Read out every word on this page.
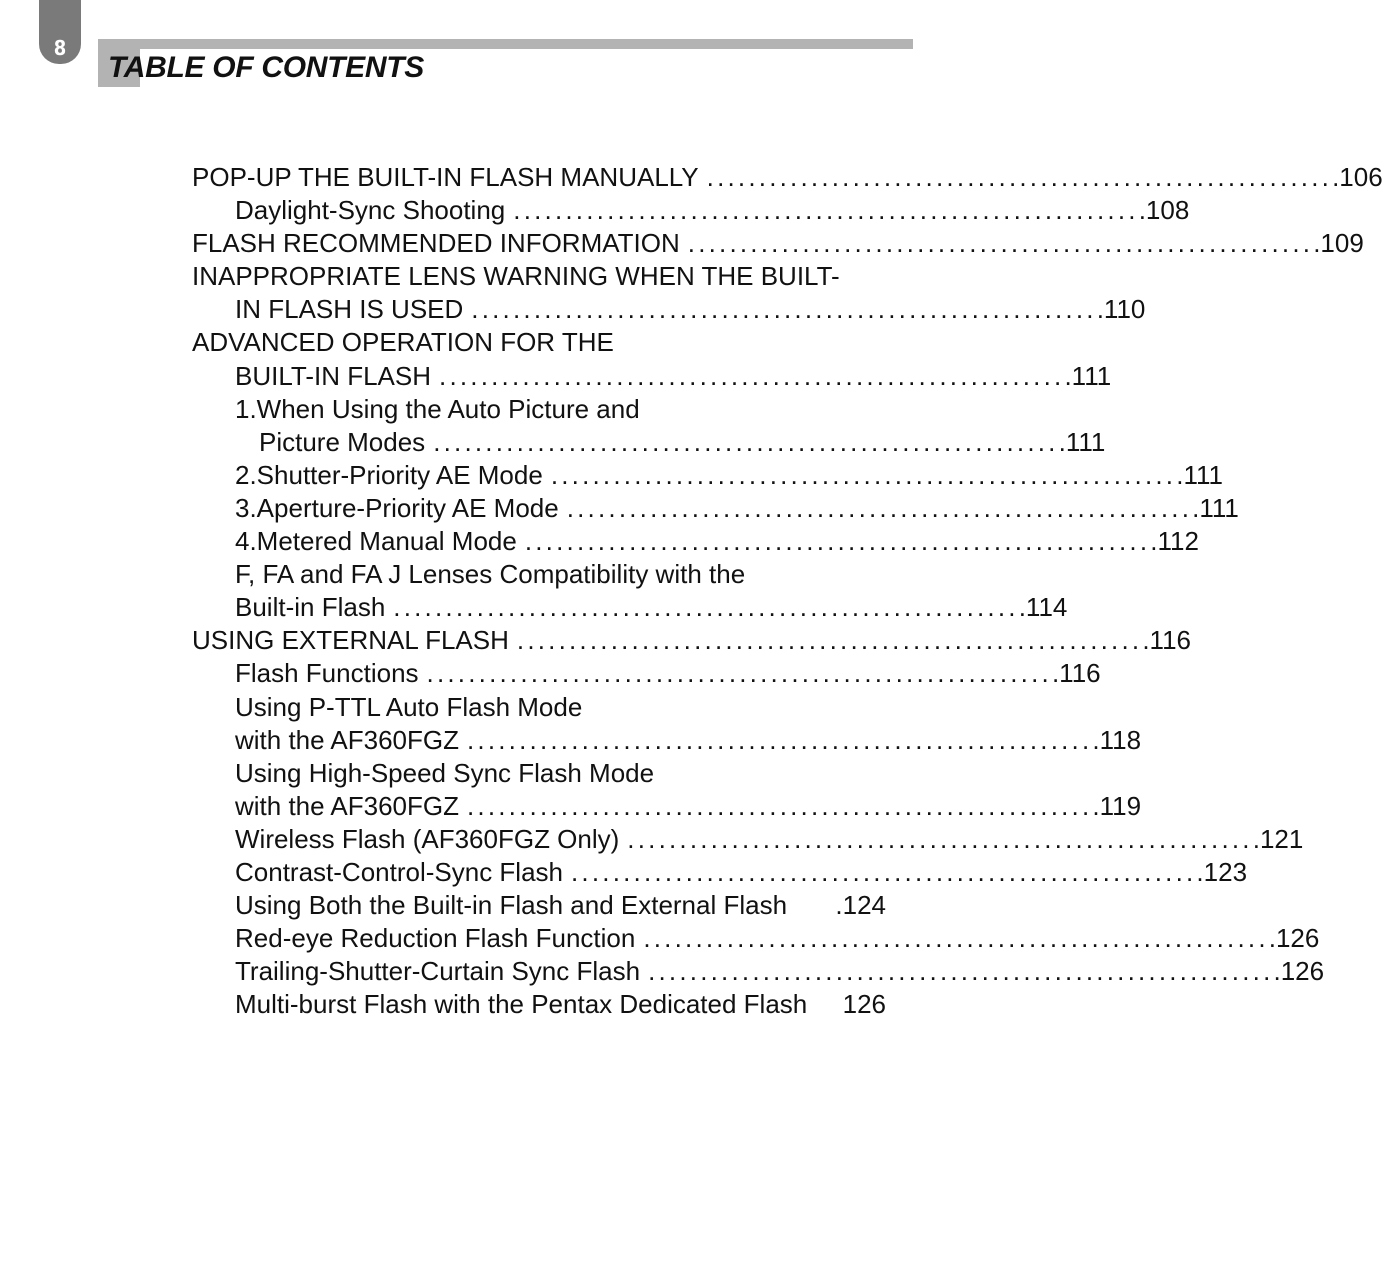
8
TABLE OF CONTENTS
POP-UP THE BUILT-IN FLASH MANUALLY ............................................................ .106
Daylight-Sync Shooting ............................................................ .108
FLASH RECOMMENDED INFORMATION ............................................................ .109
INAPPROPRIATE LENS WARNING WHEN THE BUILT-
IN FLASH IS USED ............................................................ .110
ADVANCED OPERATION FOR THE
BUILT-IN FLASH ............................................................ .111
1.When Using the Auto Picture and
Picture Modes ............................................................ .111
2.Shutter-Priority AE Mode ............................................................ .111
3.Aperture-Priority AE Mode ............................................................ .111
4.Metered Manual Mode ............................................................ .112
F, FA and FA J Lenses Compatibility with the
Built-in Flash ............................................................ .114
USING EXTERNAL FLASH ............................................................ .116
Flash Functions ............................................................ .116
Using P-TTL Auto Flash Mode
with the AF360FGZ ............................................................ .118
Using High-Speed Sync Flash Mode
with the AF360FGZ ............................................................ .119
Wireless Flash (AF360FGZ Only) ............................................................ .121
Contrast-Control-Sync Flash ............................................................ .123
Using Both the Built-in Flash and External Flash .124
Red-eye Reduction Flash Function ............................................................ .126
Trailing-Shutter-Curtain Sync Flash ............................................................ .126
Multi-burst Flash with the Pentax Dedicated Flash 126
